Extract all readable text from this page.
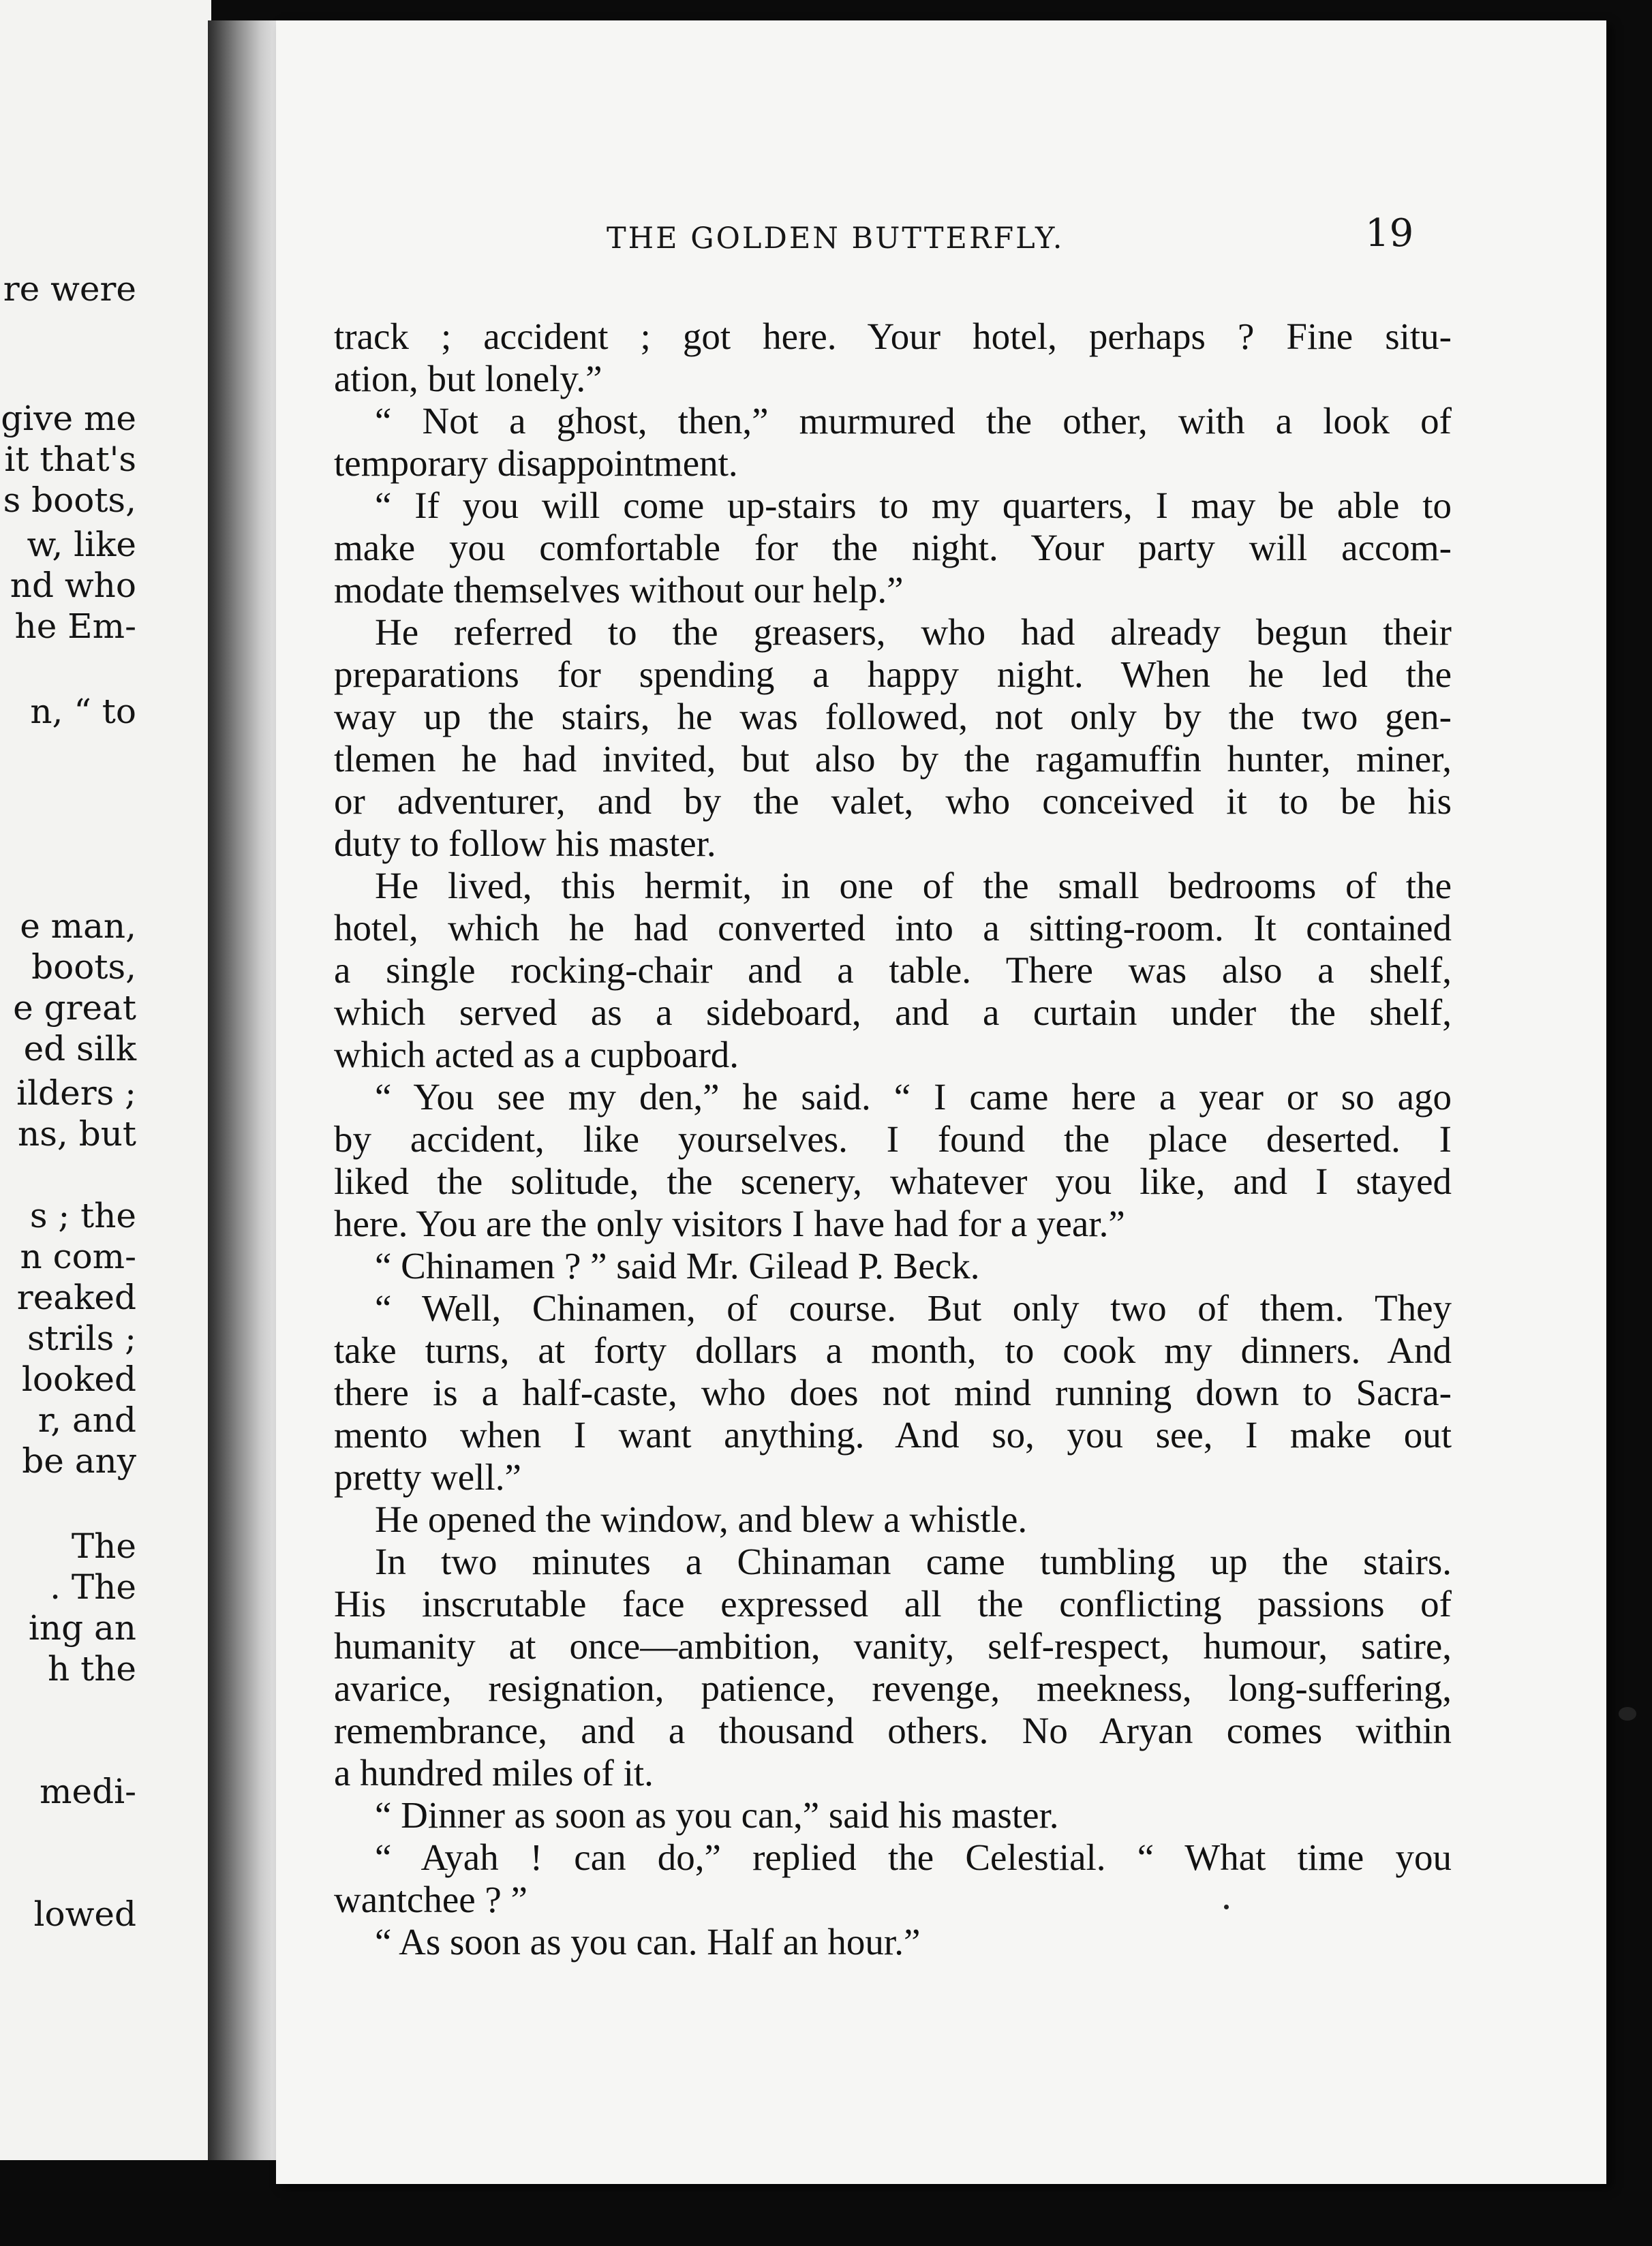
re were
give me
it that's
s boots,
w, like
nd who
he Em-
n, “ to
e man,
boots,
e great
ed silk
ilders ;
ns, but
s ; the
n com-
reaked
strils ;
looked
r, and
be any
The
. The
ing an
h the
medi-
lowed
THE GOLDEN BUTTERFLY.	19
track ; accident ; got here. Your hotel, perhaps ? Fine situ-
ation, but lonely.”
“ Not a ghost, then,” murmured the other, with a look of
temporary disappointment.
“ If you will come up-stairs to my quarters, I may be able to
make you comfortable for the night. Your party will accom-
modate themselves without our help.”
He referred to the greasers, who had already begun their
preparations for spending a happy night. When he led the
way up the stairs, he was followed, not only by the two gen-
tlemen he had invited, but also by the ragamuffin hunter, miner,
or adventurer, and by the valet, who conceived it to be his
duty to follow his master.
He lived, this hermit, in one of the small bedrooms of the
hotel, which he had converted into a sitting-room. It contained
a single rocking-chair and a table. There was also a shelf,
which served as a sideboard, and a curtain under the shelf,
which acted as a cupboard.
“ You see my den,” he said. “ I came here a year or so ago
by accident, like yourselves. I found the place deserted. I
liked the solitude, the scenery, whatever you like, and I stayed
here. You are the only visitors I have had for a year.”
“ Chinamen ? ” said Mr. Gilead P. Beck.
“ Well, Chinamen, of course. But only two of them. They
take turns, at forty dollars a month, to cook my dinners. And
there is a half-caste, who does not mind running down to Sacra-
mento when I want anything. And so, you see, I make out
pretty well.”
He opened the window, and blew a whistle.
In two minutes a Chinaman came tumbling up the stairs.
His inscrutable face expressed all the conflicting passions of
humanity at once—ambition, vanity, self-respect, humour, satire,
avarice, resignation, patience, revenge, meekness, long-suffering,
remembrance, and a thousand others. No Aryan comes within
a hundred miles of it.
“ Dinner as soon as you can,” said his master.
“ Ayah ! can do,” replied the Celestial. “ What time you
wantchee ? ”
“ As soon as you can. Half an hour.”
